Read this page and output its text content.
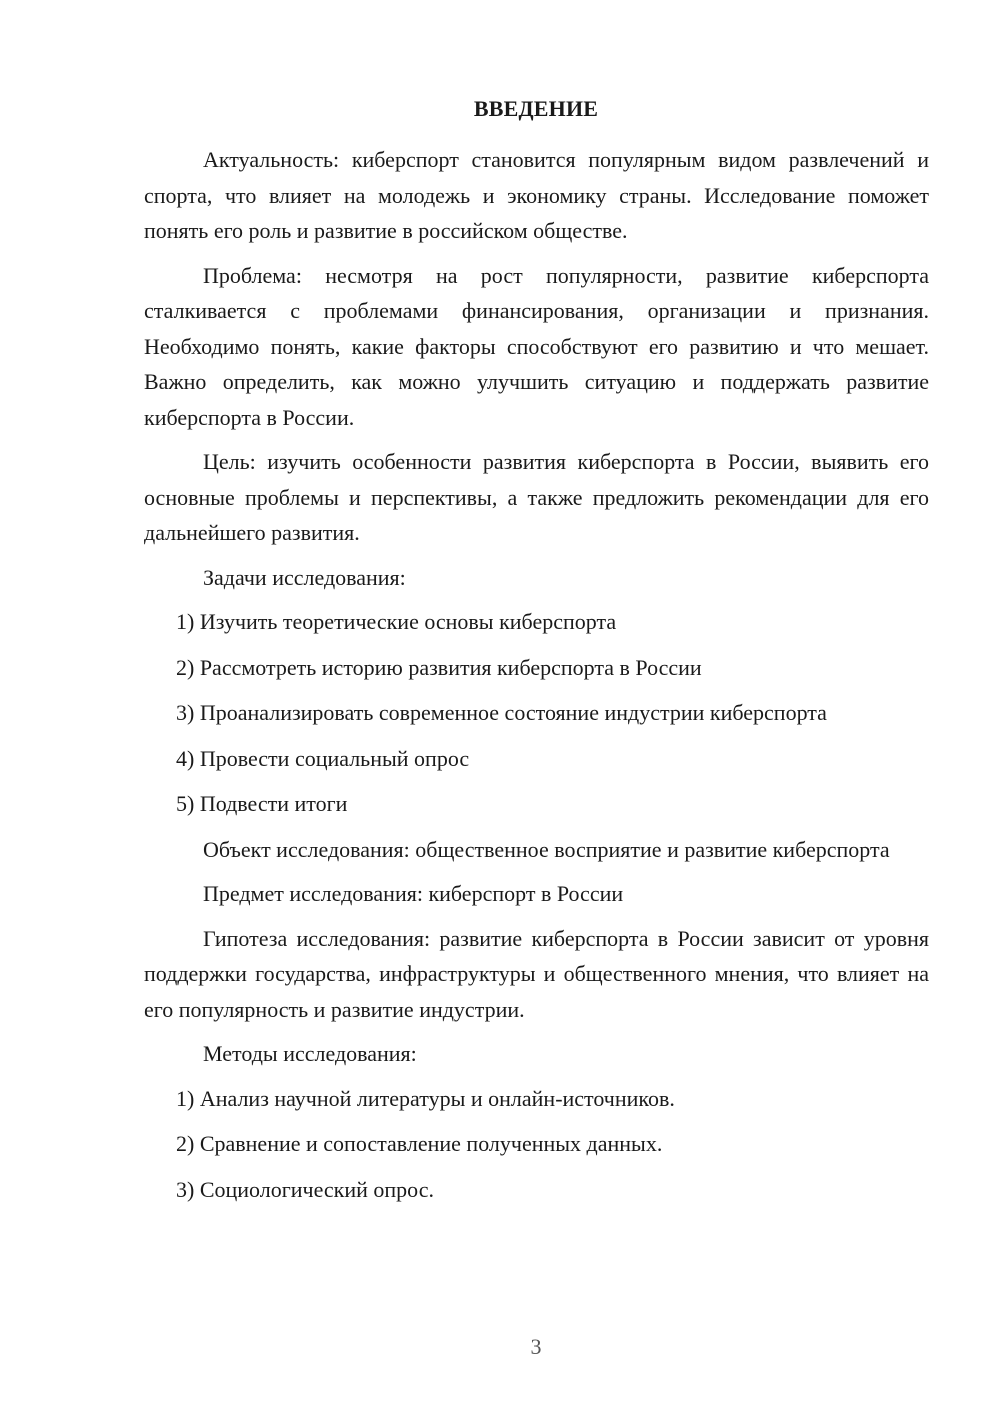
ВВЕДЕНИЕ

Актуальность: киберспорт становится популярным видом развлечений и спорта, что влияет на молодежь и экономику страны. Исследование поможет понять его роль и развитие в российском обществе.

Проблема: несмотря на рост популярности, развитие киберспорта сталкивается с проблемами финансирования, организации и признания. Необходимо понять, какие факторы способствуют его развитию и что мешает. Важно определить, как можно улучшить ситуацию и поддержать развитие киберспорта в России.

Цель: изучить особенности развития киберспорта в России, выявить его основные проблемы и перспективы, а также предложить рекомендации для его дальнейшего развития.

Задачи исследования:

1) Изучить теоретические основы киберспорта

2) Рассмотреть историю развития киберспорта в России

3) Проанализировать современное состояние индустрии киберспорта

4) Провести социальный опрос

5) Подвести итоги

Объект исследования: общественное восприятие и развитие киберспорта

Предмет исследования: киберспорт в России

Гипотеза исследования: развитие киберспорта в России зависит от уровня поддержки государства, инфраструктуры и общественного мнения, что влияет на его популярность и развитие индустрии.

Методы исследования:

1) Анализ научной литературы и онлайн-источников.

2) Сравнение и сопоставление полученных данных.

3) Социологический опрос.

3
